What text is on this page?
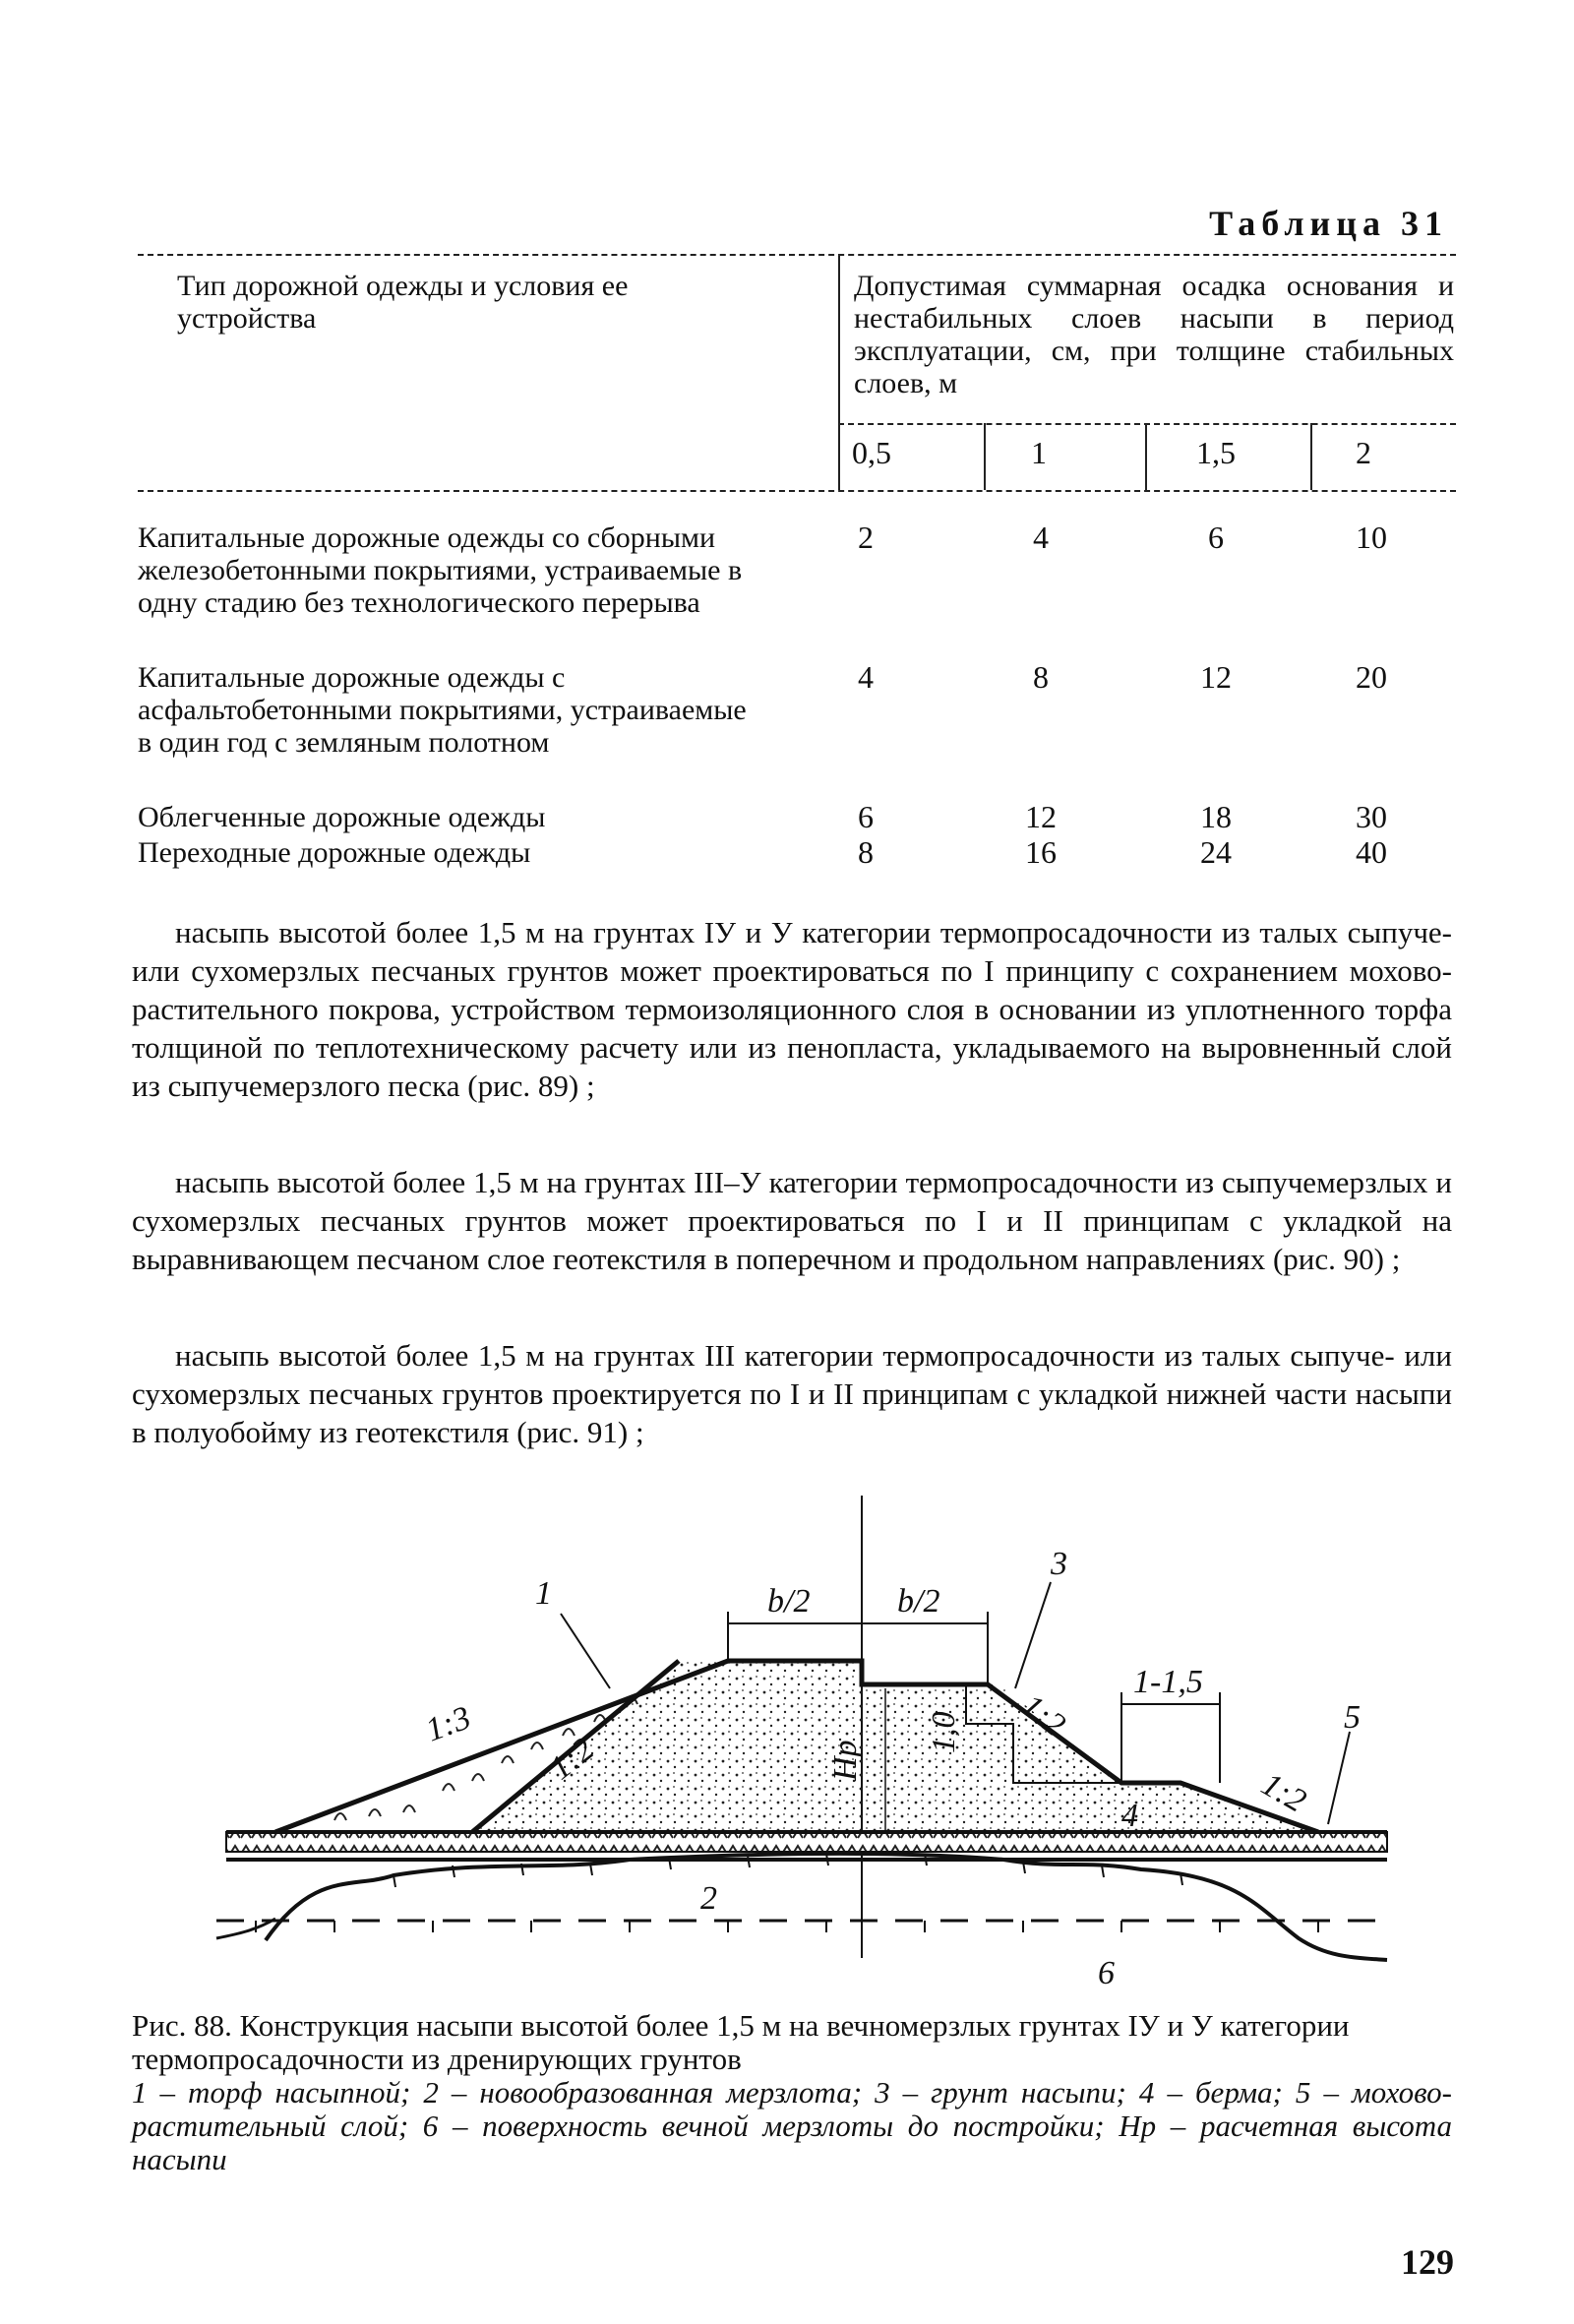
Таблица 31
Тип дорожной одежды и условия ее устройства
Допустимая суммарная осадка основания и нестабильных слоев насыпи в период эксплуатации, см, при толщине стабильных слоев, м
0,5	1	1,5	2
Капитальные дорожные одежды со сборными железобетонными покрытиями, устраиваемые в одну стадию без технологического перерыва
2	4	6	10
Капитальные дорожные одежды с асфальтобетонными покрытиями, устраиваемые в один год с земляным полотном
4	8	12	20
Облегченные дорожные одежды	6	12	18	30
Переходные дорожные одежды	8	16	24	40
насыпь высотой более 1,5 м на грунтах IУ и У категории термопросадочности из талых сыпуче- или сухомерзлых песчаных грунтов может проектироваться по I принципу с сохранением мохово-растительного покрова, устройством термоизоляционного слоя в основании из уплотненного торфа толщиной по теплотехническому расчету или из пенопласта, укладываемого на выровненный слой из сыпучемерзлого песка (рис. 89) ;
насыпь высотой более 1,5 м на грунтах III–У категории термопросадочности из сыпучемерзлых и сухомерзлых песчаных грунтов может проектироваться по I и II принципам с укладкой на выравнивающем песчаном слое геотекстиля в поперечном и продольном направлениях (рис. 90) ;
насыпь высотой более 1,5 м на грунтах III категории термопросадочности из талых сыпуче- или сухомерзлых песчаных грунтов проектируется по I и II принципам с укладкой нижней части насыпи в полуобойму из геотекстиля (рис. 91) ;
b/2	b/2
1:3
1:2
1:2
1:2
Hp
1,0
1-1,5
1
2
3
4
5
6
Рис. 88. Конструкция насыпи высотой более 1,5 м на вечномерзлых грунтах IУ и У категории термопросадочности из дренирующих грунтов
1 – торф насыпной; 2 – новообразованная мерзлота; 3 – грунт насыпи; 4 – берма; 5 – мохово-растительный слой; 6 – поверхность вечной мерзлоты до постройки; Hр – расчетная высота насыпи
129
